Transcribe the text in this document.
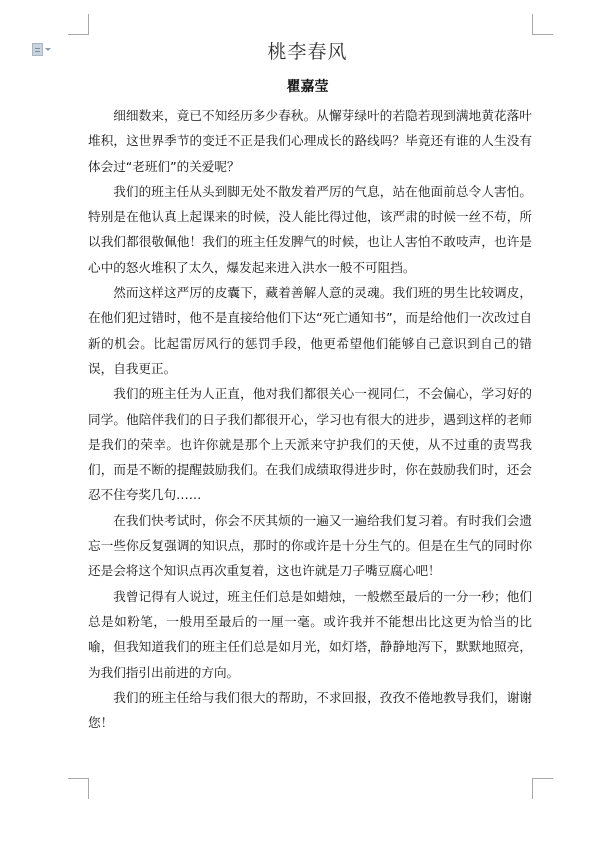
桃李春风
瞿嘉莹

细细数来，竟已不知经历多少春秋。从懈芽绿叶的若隐若现到满地黄花落叶堆积，这世界季节的变迁不正是我们心理成长的路线吗？毕竟还有谁的人生没有体会过“老班们”的关爱呢？

我们的班主任从头到脚无处不散发着严厉的气息，站在他面前总令人害怕。特别是在他认真上起课来的时候，没人能比得过他，该严肃的时候一丝不苟，所以我们都很敬佩他！我们的班主任发脾气的时候，也让人害怕不敢吱声，也许是心中的怒火堆积了太久，爆发起来进入洪水一般不可阻挡。

然而这样这严厉的皮囊下，藏着善解人意的灵魂。我们班的男生比较调皮，在他们犯过错时，他不是直接给他们下达“死亡通知书”，而是给他们一次改过自新的机会。比起雷厉风行的惩罚手段，他更希望他们能够自己意识到自己的错误，自我更正。

我们的班主任为人正直，他对我们都很关心一视同仁，不会偏心，学习好的同学。他陪伴我们的日子我们都很开心，学习也有很大的进步，遇到这样的老师是我们的荣幸。也许你就是那个上天派来守护我们的天使，从不过重的责骂我们，而是不断的提醒鼓励我们。在我们成绩取得进步时，你在鼓励我们时，还会忍不住夸奖几句……

在我们快考试时，你会不厌其烦的一遍又一遍给我们复习着。有时我们会遗忘一些你反复强调的知识点，那时的你或许是十分生气的。但是在生气的同时你还是会将这个知识点再次重复着，这也许就是刀子嘴豆腐心吧！

我曾记得有人说过，班主任们总是如蜡烛，一般燃至最后的一分一秒；他们总是如粉笔，一般用至最后的一厘一毫。或许我并不能想出比这更为恰当的比喻，但我知道我们的班主任们总是如月光，如灯塔，静静地泻下，默默地照亮，为我们指引出前进的方向。

我们的班主任给与我们很大的帮助，不求回报，孜孜不倦地教导我们，谢谢您！
